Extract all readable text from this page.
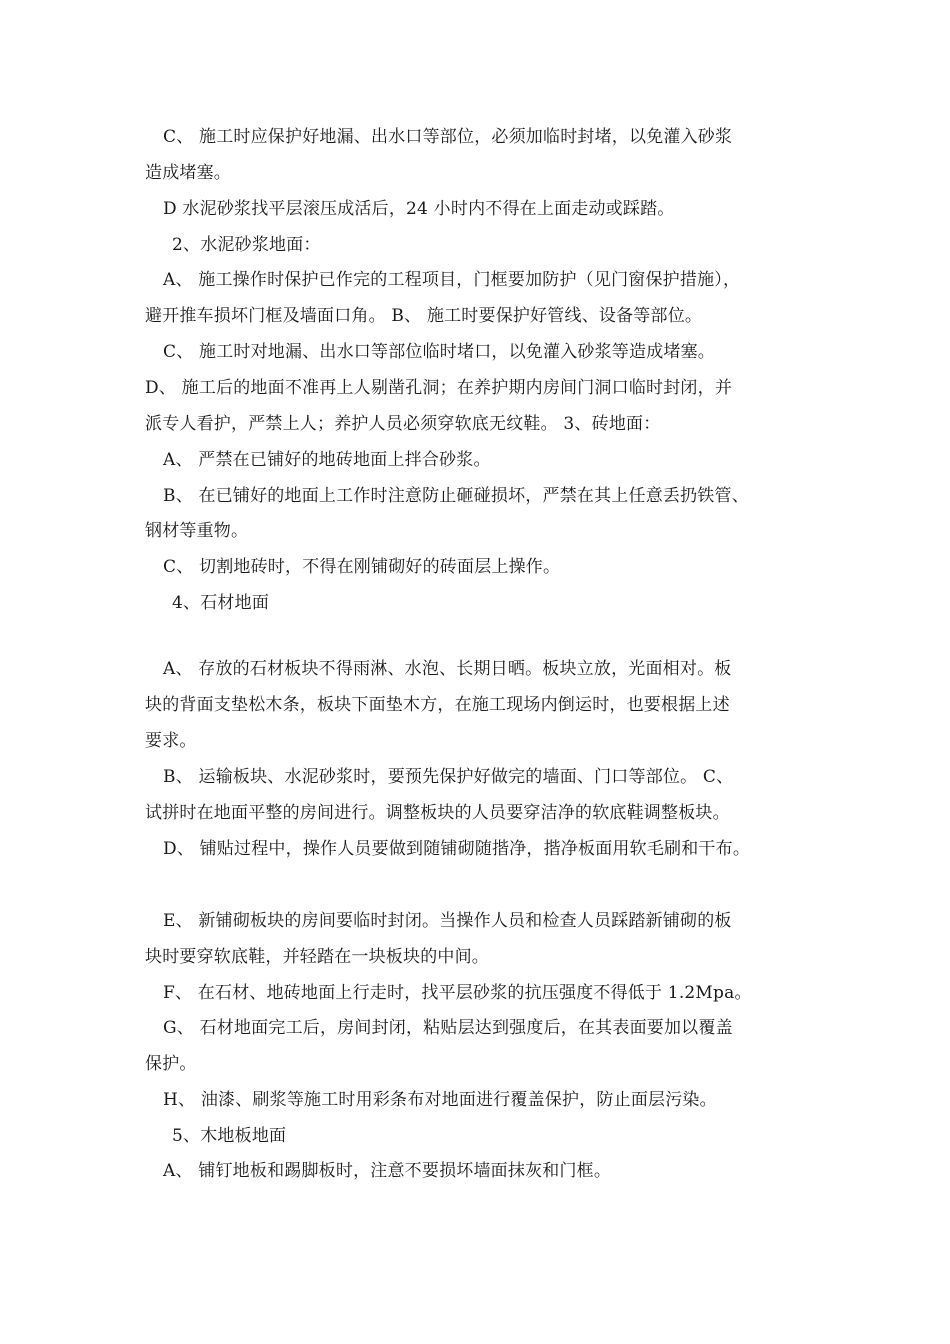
C、 施工时应保护好地漏、出水口等部位，必须加临时封堵，以免灌入砂浆
造成堵塞。
D 水泥砂浆找平层滚压成活后，24 小时内不得在上面走动或踩踏。
2、水泥砂浆地面：
A、 施工操作时保护已作完的工程项目，门框要加防护（见门窗保护措施），
避开推车损坏门框及墙面口角。 B、 施工时要保护好管线、设备等部位。
C、 施工时对地漏、出水口等部位临时堵口，以免灌入砂浆等造成堵塞。
D、 施工后的地面不准再上人剔凿孔洞；在养护期内房间门洞口临时封闭，并
派专人看护，严禁上人；养护人员必须穿软底无纹鞋。 3、砖地面：
A、 严禁在已铺好的地砖地面上拌合砂浆。
B、 在已铺好的地面上工作时注意防止砸碰损坏，严禁在其上任意丢扔铁管、
钢材等重物。
C、 切割地砖时，不得在刚铺砌好的砖面层上操作。
4、石材地面
A、 存放的石材板块不得雨淋、水泡、长期日晒。板块立放，光面相对。板
块的背面支垫松木条，板块下面垫木方，在施工现场内倒运时，也要根据上述
要求。
B、 运输板块、水泥砂浆时，要预先保护好做完的墙面、门口等部位。 C、
试拼时在地面平整的房间进行。调整板块的人员要穿洁净的软底鞋调整板块。
D、 铺贴过程中，操作人员要做到随铺砌随揩净，揩净板面用软毛刷和干布。
E、 新铺砌板块的房间要临时封闭。当操作人员和检查人员踩踏新铺砌的板
块时要穿软底鞋，并轻踏在一块板块的中间。
F、 在石材、地砖地面上行走时，找平层砂浆的抗压强度不得低于 1.2Mpa。
G、 石材地面完工后，房间封闭，粘贴层达到强度后，在其表面要加以覆盖
保护。
H、 油漆、刷浆等施工时用彩条布对地面进行覆盖保护，防止面层污染。
5、木地板地面
A、 铺钉地板和踢脚板时，注意不要损坏墙面抹灰和门框。
